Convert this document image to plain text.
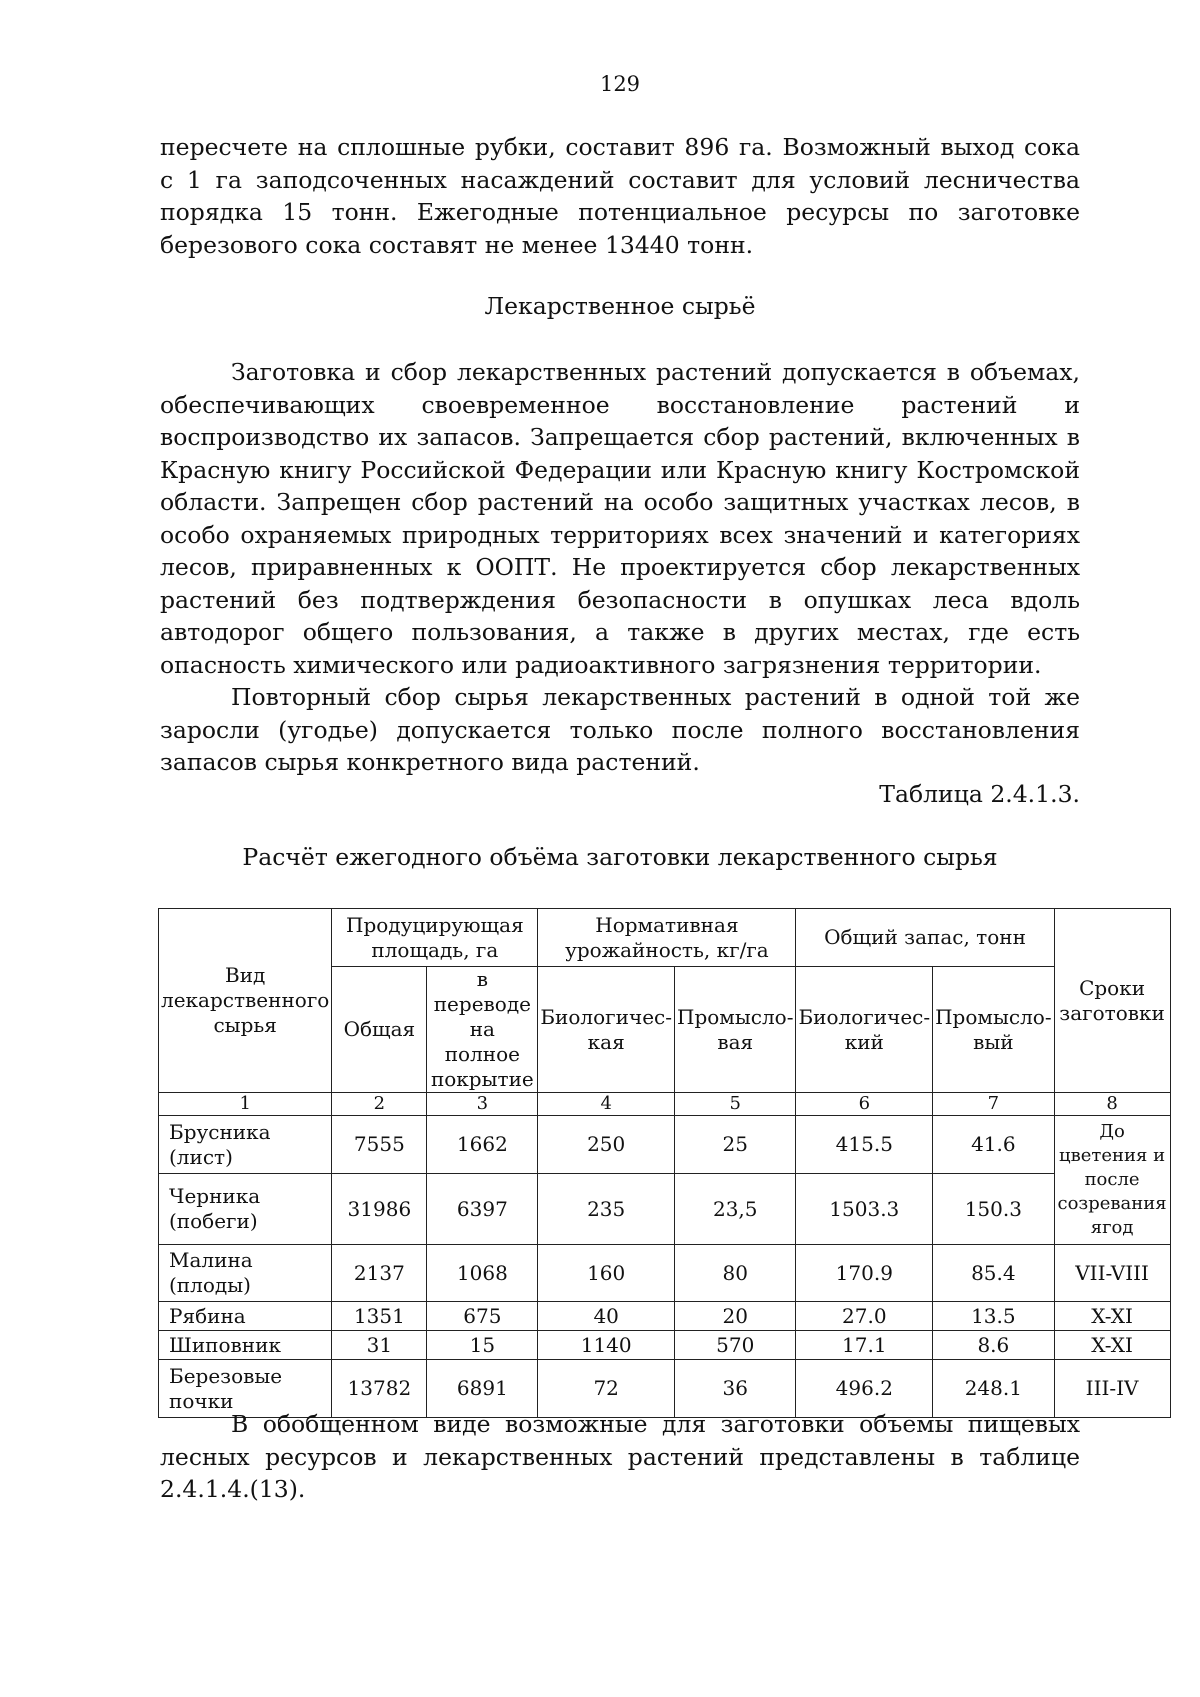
129

пересчете на сплошные рубки, составит 896 га. Возможный выход сока с 1 га заподсоченных насаждений составит для условий лесничества порядка 15 тонн. Ежегодные потенциальное ресурсы по заготовке березового сока составят не менее 13440 тонн.

Лекарственное сырьё

Заготовка и сбор лекарственных растений допускается в объемах, обеспечивающих своевременное восстановление растений и воспроизводство их запасов. Запрещается сбор растений, включенных в Красную книгу Российской Федерации или Красную книгу Костромской области. Запрещен сбор растений на особо защитных участках лесов, в особо охраняемых природных территориях всех значений и категориях лесов, приравненных к ООПТ. Не проектируется сбор лекарственных растений без подтверждения безопасности в опушках леса вдоль автодорог общего пользования, а также в других местах, где есть опасность химического или радиоактивного загрязнения территории.

Повторный сбор сырья лекарственных растений в одной той же заросли (угодье) допускается только после полного восстановления запасов сырья конкретного вида растений.

Таблица 2.4.1.3.

Расчёт ежегодного объёма заготовки лекарственного сырья

Вид лекарственного сырья	Продуцирующая площадь, га		Нормативная урожайность, кг/га		Общий запас, тонн		Сроки заготовки
	Общая	в переводе на полное покрытие	Биологичес-кая	Промысло-вая	Биологичес-кий	Промысло-вый	
1	2	3	4	5	6	7	8
Брусника (лист)	7555	1662	250	25	415.5	41.6	До цветения и после созревания ягод
Черника (побеги)	31986	6397	235	23,5	1503.3	150.3	
Малина (плоды)	2137	1068	160	80	170.9	85.4	VII-VIII
Рябина	1351	675	40	20	27.0	13.5	X-XI
Шиповник	31	15	1140	570	17.1	8.6	X-XI
Березовые почки	13782	6891	72	36	496.2	248.1	III-IV

В обобщенном виде возможные для заготовки объемы пищевых лесных ресурсов и лекарственных растений представлены в таблице 2.4.1.4.(13).
